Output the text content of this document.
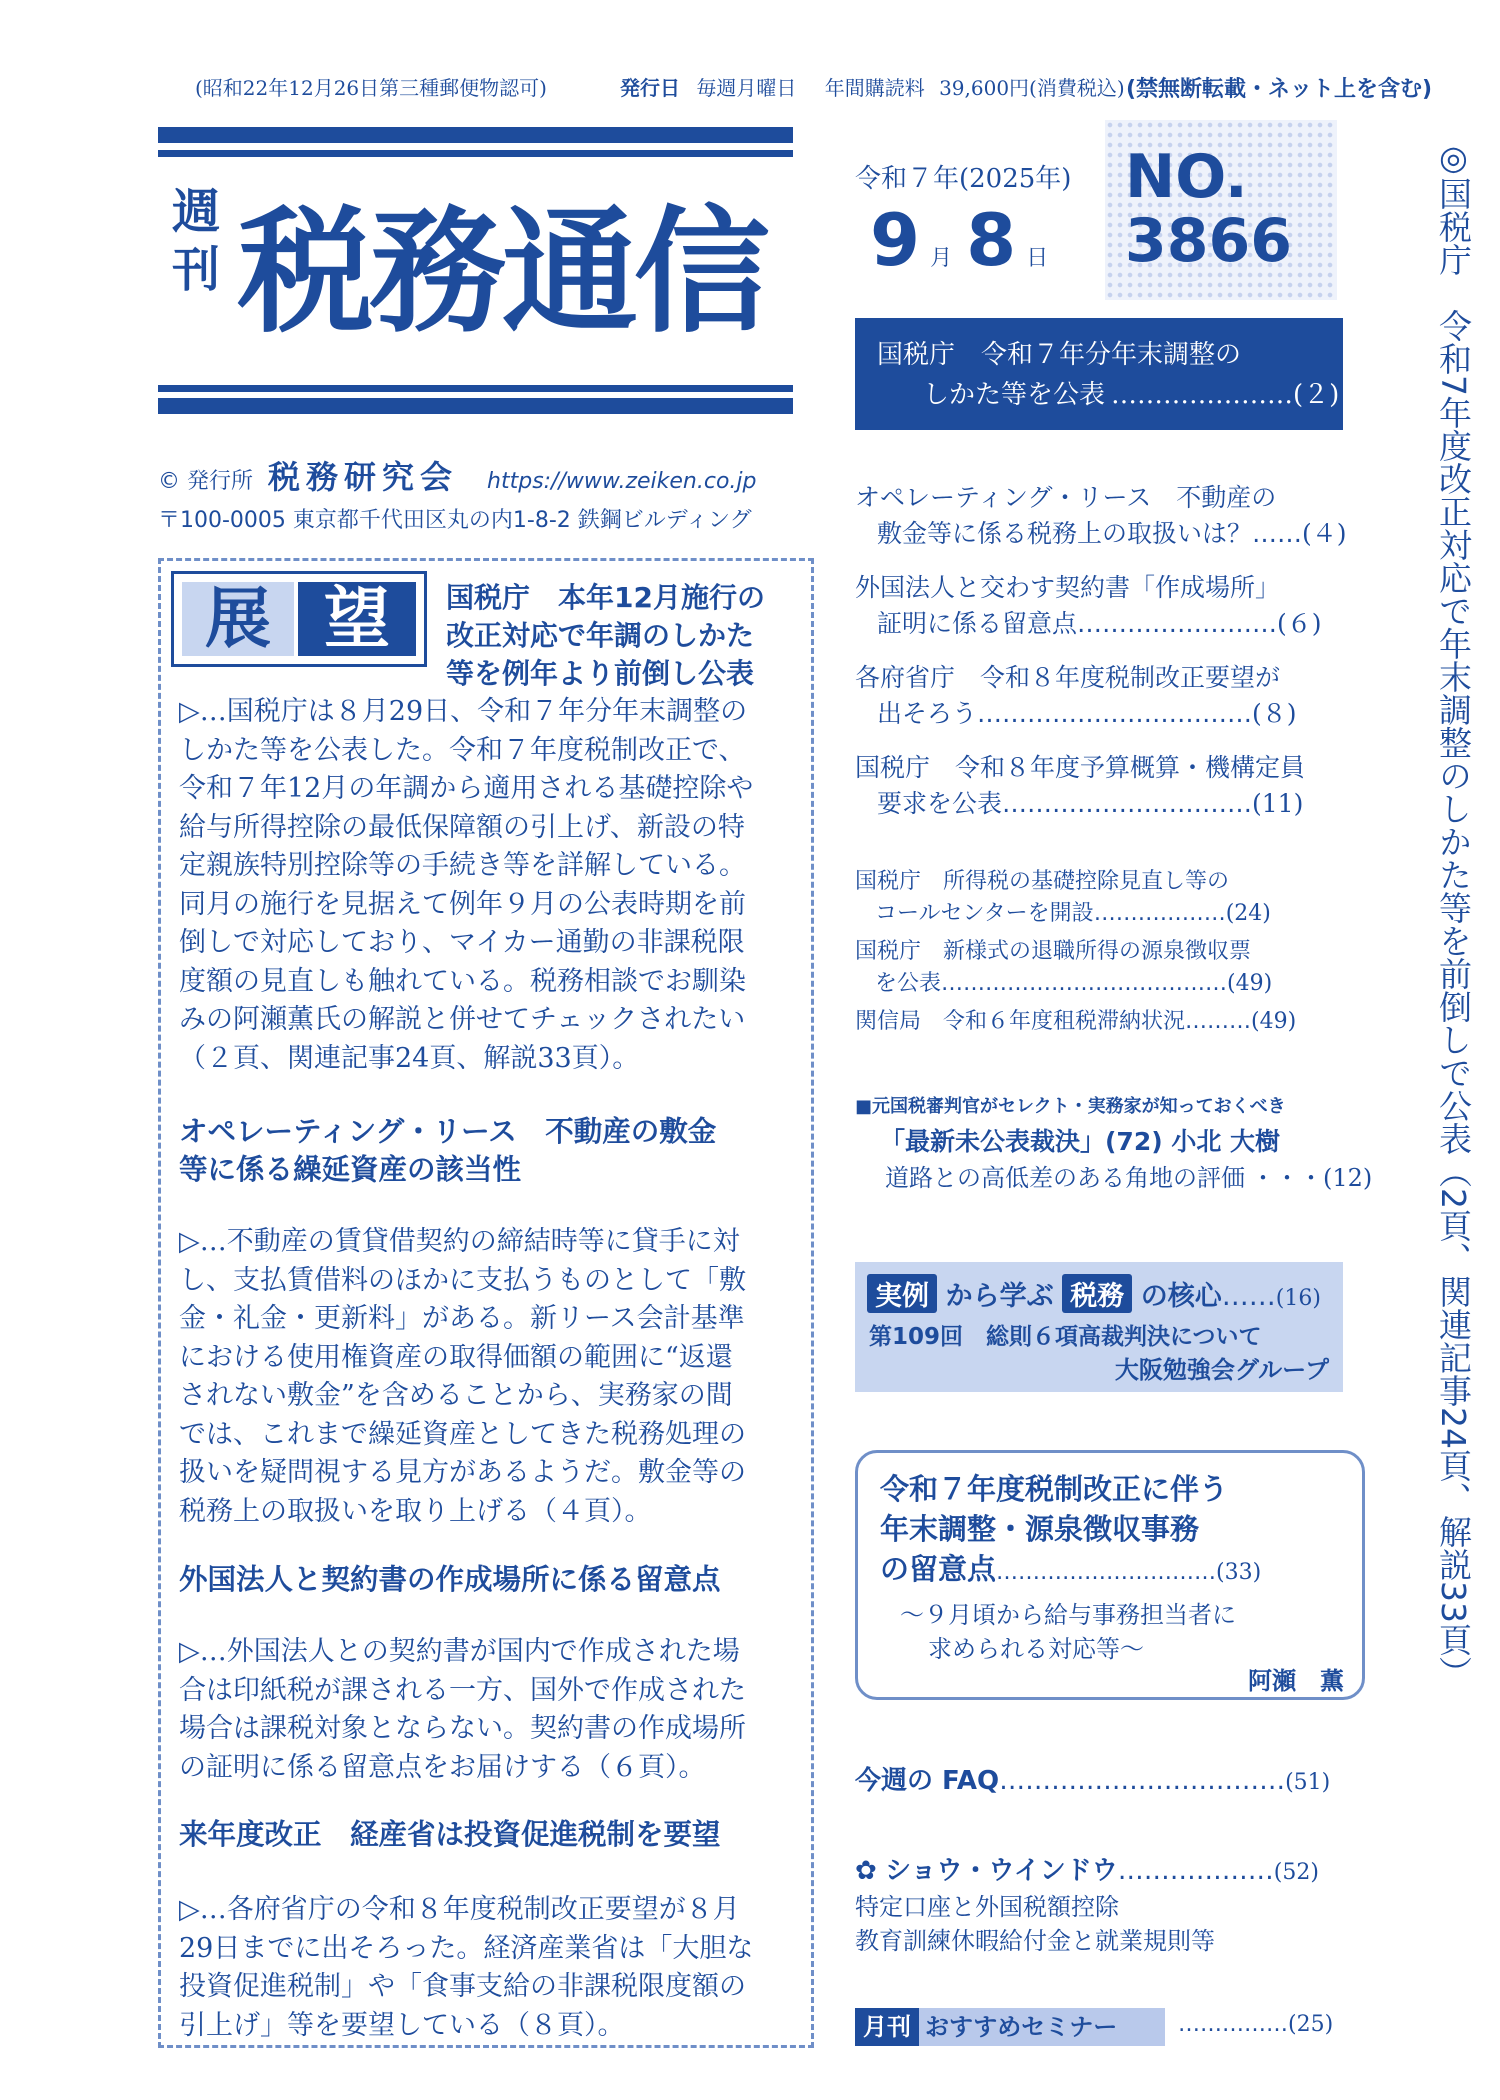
(昭和22年12月26日第三種郵便物認可)	発行日 毎週月曜日 年間購読料 39,600円(消費税込) (禁無断転載・ネット上を含む)
週刊 税務通信
令和７年(2025年)
9 月 8 日
NO.
3866
国税庁　令和７年分年末調整の
しかた等を公表 …………………(２)	◎国税庁　令和7年度改正対応で年末調整のしかた等を前倒しで公表（2頁、関連記事24頁、解説33頁）
© 発行所 税務研究会 https://www.zeiken.co.jp
〒100-0005 東京都千代田区丸の内1-8-2 鉄鋼ビルディング
展 望	国税庁　本年12月施行の
改正対応で年調のしかた
等を例年より前倒し公表
▷…国税庁は８月29日、令和７年分年末調整の
しかた等を公表した。令和７年度税制改正で、
令和７年12月の年調から適用される基礎控除や
給与所得控除の最低保障額の引上げ、新設の特
定親族特別控除等の手続き等を詳解している。
同月の施行を見据えて例年９月の公表時期を前
倒しで対応しており、マイカー通勤の非課税限
度額の見直しも触れている。税務相談でお馴染
みの阿瀬薫氏の解説と併せてチェックされたい
（２頁、関連記事24頁、解説33頁）。
オペレーティング・リース　不動産の敷金
等に係る繰延資産の該当性
▷…不動産の賃貸借契約の締結時等に貸手に対
し、支払賃借料のほかに支払うものとして「敷
金・礼金・更新料」がある。新リース会計基準
における使用権資産の取得価額の範囲に“返還
されない敷金”を含めることから、実務家の間
では、これまで繰延資産としてきた税務処理の
扱いを疑問視する見方があるようだ。敷金等の
税務上の取扱いを取り上げる（４頁）。
外国法人と契約書の作成場所に係る留意点
▷…外国法人との契約書が国内で作成された場
合は印紙税が課される一方、国外で作成された
場合は課税対象とならない。契約書の作成場所
の証明に係る留意点をお届けする（６頁）。
来年度改正　経産省は投資促進税制を要望
▷…各府省庁の令和８年度税制改正要望が８月
29日までに出そろった。経済産業省は「大胆な
投資促進税制」や「食事支給の非課税限度額の
引上げ」等を要望している（８頁）。
オペレーティング・リース　不動産の
敷金等に係る税務上の取扱いは？……(４)
外国法人と交わす契約書「作成場所」
証明に係る留意点……………………(６)
各府省庁　令和８年度税制改正要望が
出そろう……………………………(８)
国税庁　令和８年度予算概算・機構定員
要求を公表…………………………(11)
国税庁　所得税の基礎控除見直し等の
コールセンターを開設………………(24)
国税庁　新様式の退職所得の源泉徴収票
を公表…………………………………(49)
関信局　令和６年度租税滞納状況………(49)
■元国税審判官がセレクト・実務家が知っておくべき
「最新未公表裁決」(72) 小北 大樹
道路との高低差のある角地の評価 ・・・(12)
実例 から学ぶ 税務 の核心……(16)
第109回　総則６項高裁判決について
大阪勉強会グループ
令和７年度税制改正に伴う
年末調整・源泉徴収事務
の留意点…………………………(33)
～９月頃から給与事務担当者に
求められる対応等～
阿瀬　薫
今週の FAQ……………………………(51)
✿ ショウ・ウインドウ………………(52)
特定口座と外国税額控除
教育訓練休暇給付金と就業規則等
月刊 おすすめセミナー	……………(25)
